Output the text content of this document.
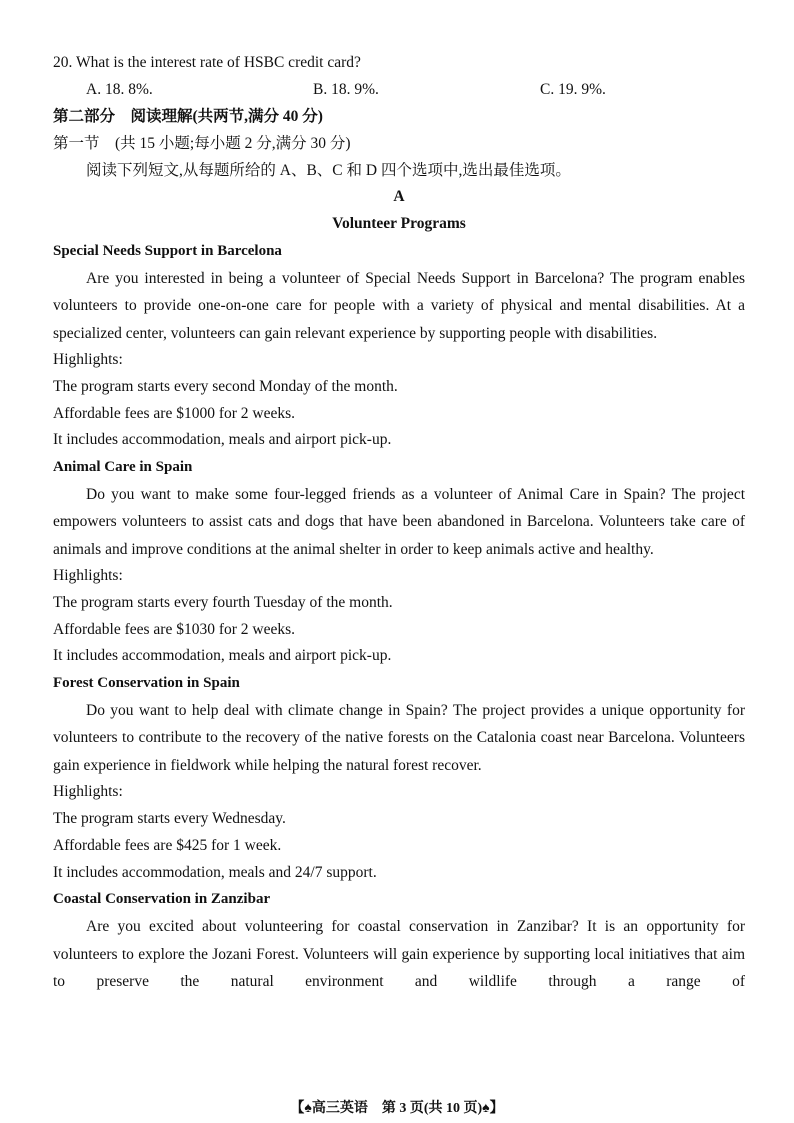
20. What is the interest rate of HSBC credit card?
A. 18. 8%.	B. 18. 9%.	C. 19. 9%.
第二部分　阅读理解(共两节,满分 40 分)
第一节　(共 15 小题;每小题 2 分,满分 30 分)
阅读下列短文,从每题所给的 A、B、C 和 D 四个选项中,选出最佳选项。
A
Volunteer Programs
Special Needs Support in Barcelona

Are you interested in being a volunteer of Special Needs Support in Barcelona? The program enables volunteers to provide one-on-one care for people with a variety of physical and mental disabilities. At a specialized center, volunteers can gain relevant experience by supporting people with disabilities.

Highlights:
The program starts every second Monday of the month.
Affordable fees are $1000 for 2 weeks.
It includes accommodation, meals and airport pick-up.
Animal Care in Spain

Do you want to make some four-legged friends as a volunteer of Animal Care in Spain? The project empowers volunteers to assist cats and dogs that have been abandoned in Barcelona. Volunteers take care of animals and improve conditions at the animal shelter in order to keep animals active and healthy.

Highlights:
The program starts every fourth Tuesday of the month.
Affordable fees are $1030 for 2 weeks.
It includes accommodation, meals and airport pick-up.
Forest Conservation in Spain

Do you want to help deal with climate change in Spain? The project provides a unique opportunity for volunteers to contribute to the recovery of the native forests on the Catalonia coast near Barcelona. Volunteers gain experience in fieldwork while helping the natural forest recover.

Highlights:
The program starts every Wednesday.
Affordable fees are $425 for 1 week.
It includes accommodation, meals and 24/7 support.
Coastal Conservation in Zanzibar

Are you excited about volunteering for coastal conservation in Zanzibar? It is an opportunity for volunteers to explore the Jozani Forest. Volunteers will gain experience by supporting local initiatives that aim to preserve the natural environment and wildlife through a range of

【♠高三英语　第 3 页(共 10 页)♠】
